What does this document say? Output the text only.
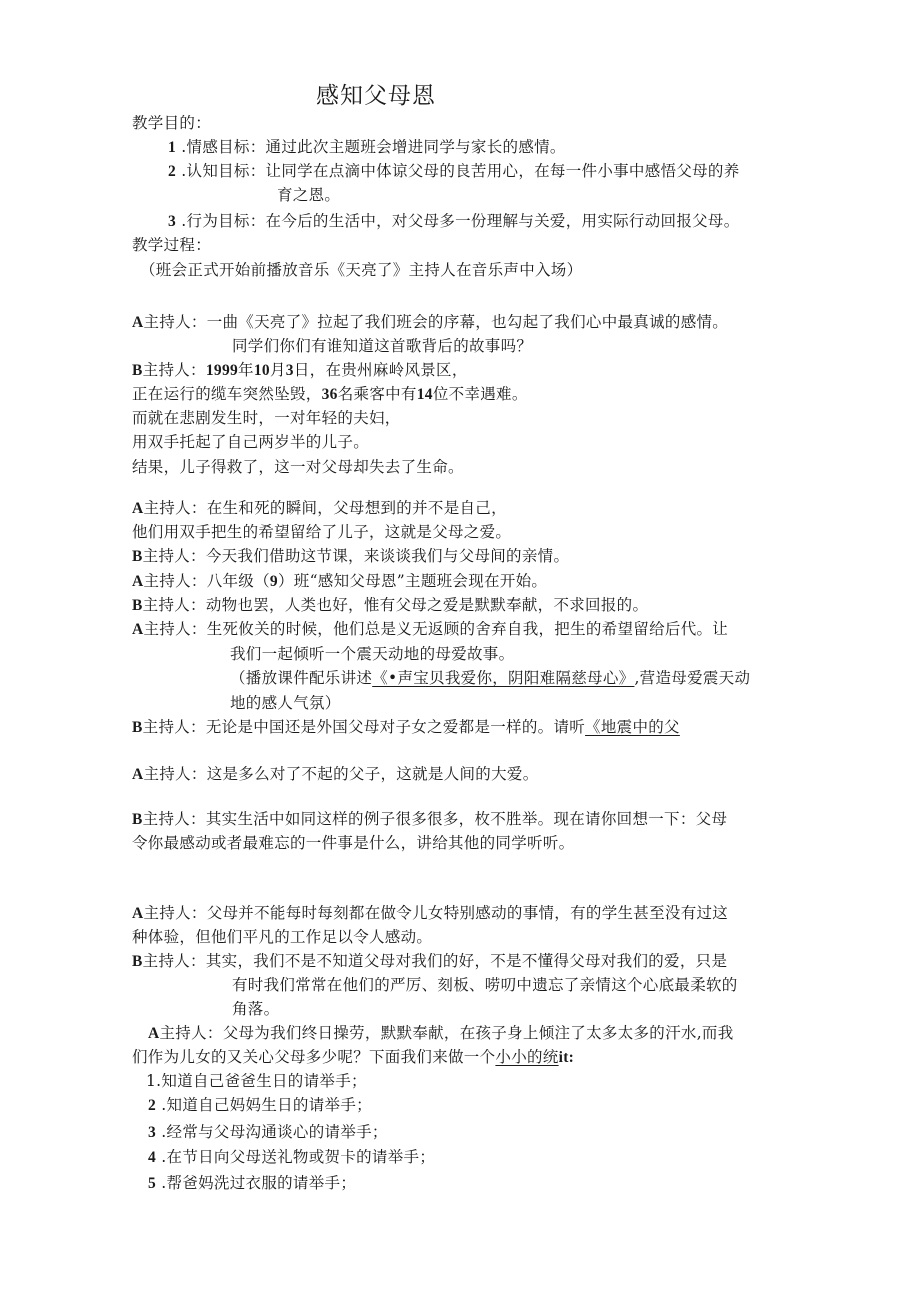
感知父母恩
教学目的：
1 .情感目标：通过此次主题班会增进同学与家长的感情。
2 .认知目标：让同学在点滴中体谅父母的良苦用心，在每一件小事中感悟父母的养
育之恩。
3 .行为目标：在今后的生活中，对父母多一份理解与关爱，用实际行动回报父母。
教学过程：
（班会正式开始前播放音乐《天亮了》主持人在音乐声中入场）
A主持人：一曲《天亮了》拉起了我们班会的序幕，也勾起了我们心中最真诚的感情。
同学们你们有谁知道这首歌背后的故事吗？
B主持人：1999年10月3日，在贵州麻岭风景区，
正在运行的缆车突然坠毁，36名乘客中有14位不幸遇难。
而就在悲剧发生时，一对年轻的夫妇，
用双手托起了自己两岁半的儿子。
结果，儿子得救了，这一对父母却失去了生命。
A主持人：在生和死的瞬间，父母想到的并不是自己，
他们用双手把生的希望留给了儿子，这就是父母之爱。
B主持人：今天我们借助这节课，来谈谈我们与父母间的亲情。
A主持人：八年级（9）班“感知父母恩”主题班会现在开始。
B主持人：动物也罢，人类也好，惟有父母之爱是默默奉献，不求回报的。
A主持人：生死攸关的时候，他们总是义无返顾的舍弃自我，把生的希望留给后代。让
我们一起倾听一个震天动地的母爱故事。
（播放课件配乐讲述《•声宝贝我爱你，阴阳难隔慈母心》,营造母爱震天动
地的感人气氛）
B主持人：无论是中国还是外国父母对子女之爱都是一样的。请听《地震中的父
A主持人：这是多么对了不起的父子，这就是人间的大爱。
B主持人：其实生活中如同这样的例子很多很多，枚不胜举。现在请你回想一下：父母
令你最感动或者最难忘的一件事是什么，讲给其他的同学听听。
A主持人：父母并不能每时每刻都在做令儿女特别感动的事情，有的学生甚至没有过这
种体验，但他们平凡的工作足以令人感动。
B主持人：其实，我们不是不知道父母对我们的好，不是不懂得父母对我们的爱，只是
有时我们常常在他们的严厉、刻板、唠叨中遗忘了亲情这个心底最柔软的
角落。
A主持人：父母为我们终日操劳，默默奉献，在孩子身上倾注了太多太多的汗水,而我
们作为儿女的又关心父母多少呢？下面我们来做一个小小的统it:
1.知道自己爸爸生日的请举手；
2 .知道自己妈妈生日的请举手；
3 .经常与父母沟通谈心的请举手；
4 .在节日向父母送礼物或贺卡的请举手；
5 .帮爸妈洗过衣服的请举手；
